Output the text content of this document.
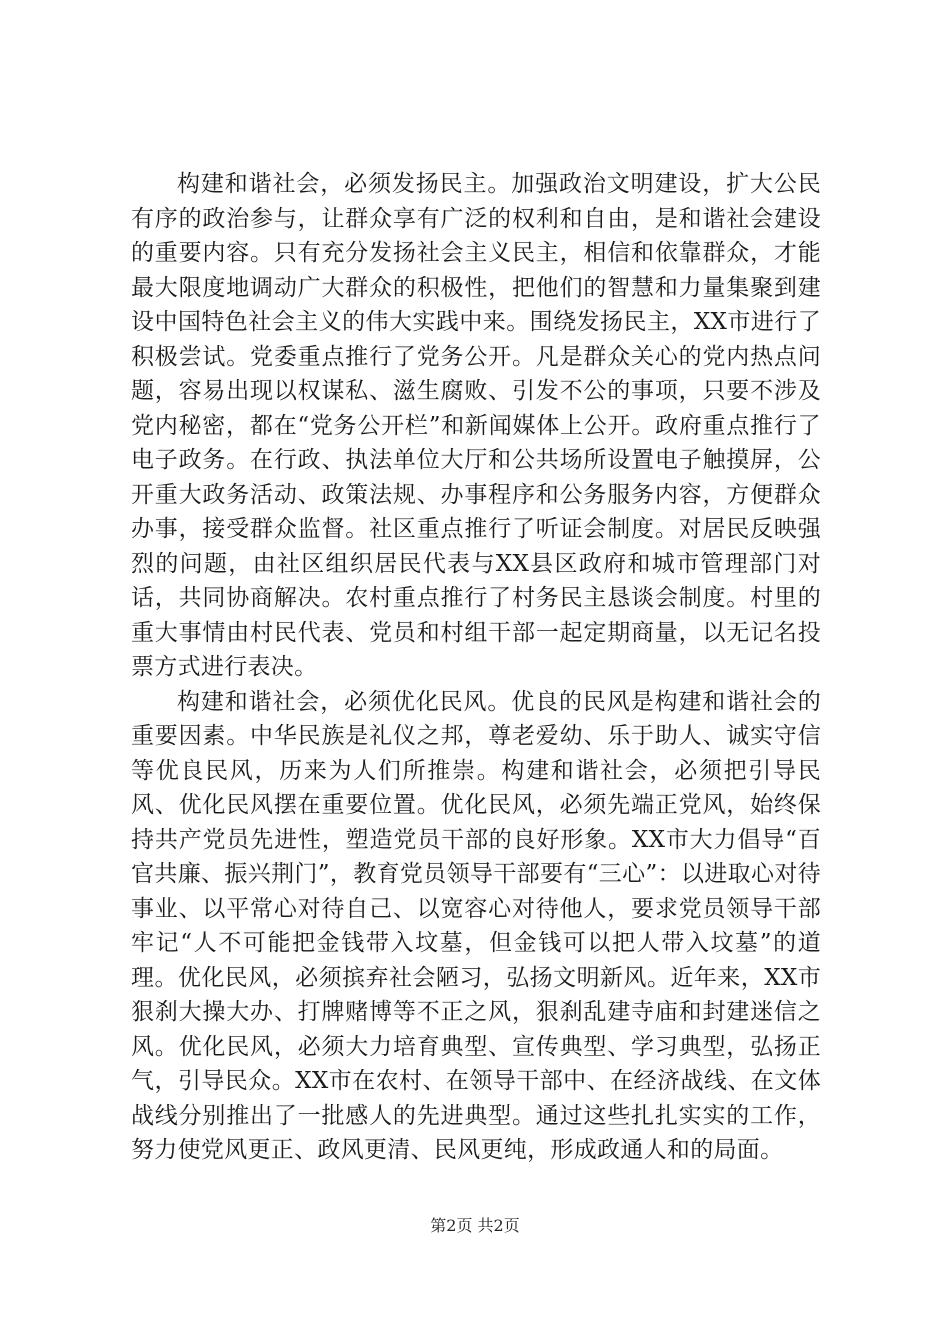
构建和谐社会，必须发扬民主。加强政治文明建设，扩大公民有序的政治参与，让群众享有广泛的权利和自由，是和谐社会建设的重要内容。只有充分发扬社会主义民主，相信和依靠群众，才能最大限度地调动广大群众的积极性，把他们的智慧和力量集聚到建设中国特色社会主义的伟大实践中来。围绕发扬民主，XX市进行了积极尝试。党委重点推行了党务公开。凡是群众关心的党内热点问题，容易出现以权谋私、滋生腐败、引发不公的事项，只要不涉及党内秘密，都在“党务公开栏”和新闻媒体上公开。政府重点推行了电子政务。在行政、执法单位大厅和公共场所设置电子触摸屏，公开重大政务活动、政策法规、办事程序和公务服务内容，方便群众办事，接受群众监督。社区重点推行了听证会制度。对居民反映强烈的问题，由社区组织居民代表与XX县区政府和城市管理部门对话，共同协商解决。农村重点推行了村务民主恳谈会制度。村里的重大事情由村民代表、党员和村组干部一起定期商量，以无记名投票方式进行表决。

构建和谐社会，必须优化民风。优良的民风是构建和谐社会的重要因素。中华民族是礼仪之邦，尊老爱幼、乐于助人、诚实守信等优良民风，历来为人们所推崇。构建和谐社会，必须把引导民风、优化民风摆在重要位置。优化民风，必须先端正党风，始终保持共产党员先进性，塑造党员干部的良好形象。XX市大力倡导“百官共廉、振兴荆门”，教育党员领导干部要有“三心”：以进取心对待事业、以平常心对待自己、以宽容心对待他人，要求党员领导干部牢记“人不可能把金钱带入坟墓，但金钱可以把人带入坟墓”的道理。优化民风，必须摈弃社会陋习，弘扬文明新风。近年来，XX市狠刹大操大办、打牌赌博等不正之风，狠刹乱建寺庙和封建迷信之风。优化民风，必须大力培育典型、宣传典型、学习典型，弘扬正气，引导民众。XX市在农村、在领导干部中、在经济战线、在文体战线分别推出了一批感人的先进典型。通过这些扎扎实实的工作，努力使党风更正、政风更清、民风更纯，形成政通人和的局面。

第2页 共2页
